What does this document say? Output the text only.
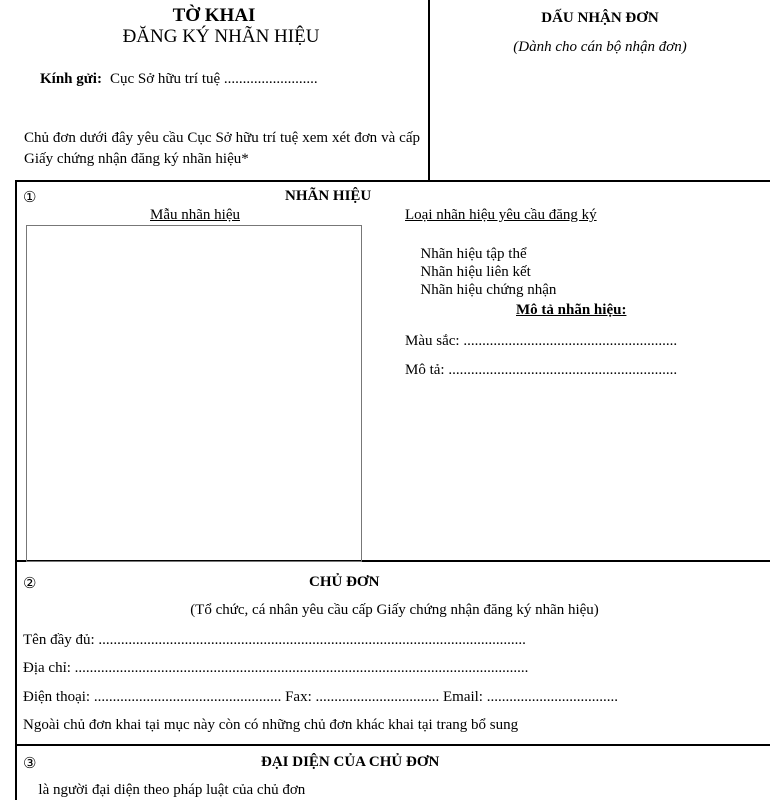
TỜ KHAI
ĐĂNG KÝ NHÃN HIỆU
Kính gửi: Cục Sở hữu trí tuệ .........................
Chủ đơn dưới đây yêu cầu Cục Sở hữu trí tuệ xem xét đơn và cấp Giấy chứng nhận đăng ký nhãn hiệu*
DẤU NHẬN ĐƠN
(Dành cho cán bộ nhận đơn)
①	NHÃN HIỆU
Mẫu nhãn hiệu	Loại nhãn hiệu yêu cầu đăng ký
  Nhãn hiệu tập thể
  Nhãn hiệu liên kết
  Nhãn hiệu chứng nhận
Mô tả nhãn hiệu:
Màu sắc: .........................................................
Mô tả: .............................................................
②	CHỦ ĐƠN
(Tổ chức, cá nhân yêu cầu cấp Giấy chứng nhận đăng ký nhãn hiệu)
Tên đầy đủ: ..................................................................................................................
Địa chỉ: .........................................................................................................................
Điện thoại: .................................................. Fax: ................................. Email: ...................................
Ngoài chủ đơn khai tại mục này còn có những chủ đơn khác khai tại trang bổ sung
③	ĐẠI DIỆN CỦA CHỦ ĐƠN
  là người đại diện theo pháp luật của chủ đơn
